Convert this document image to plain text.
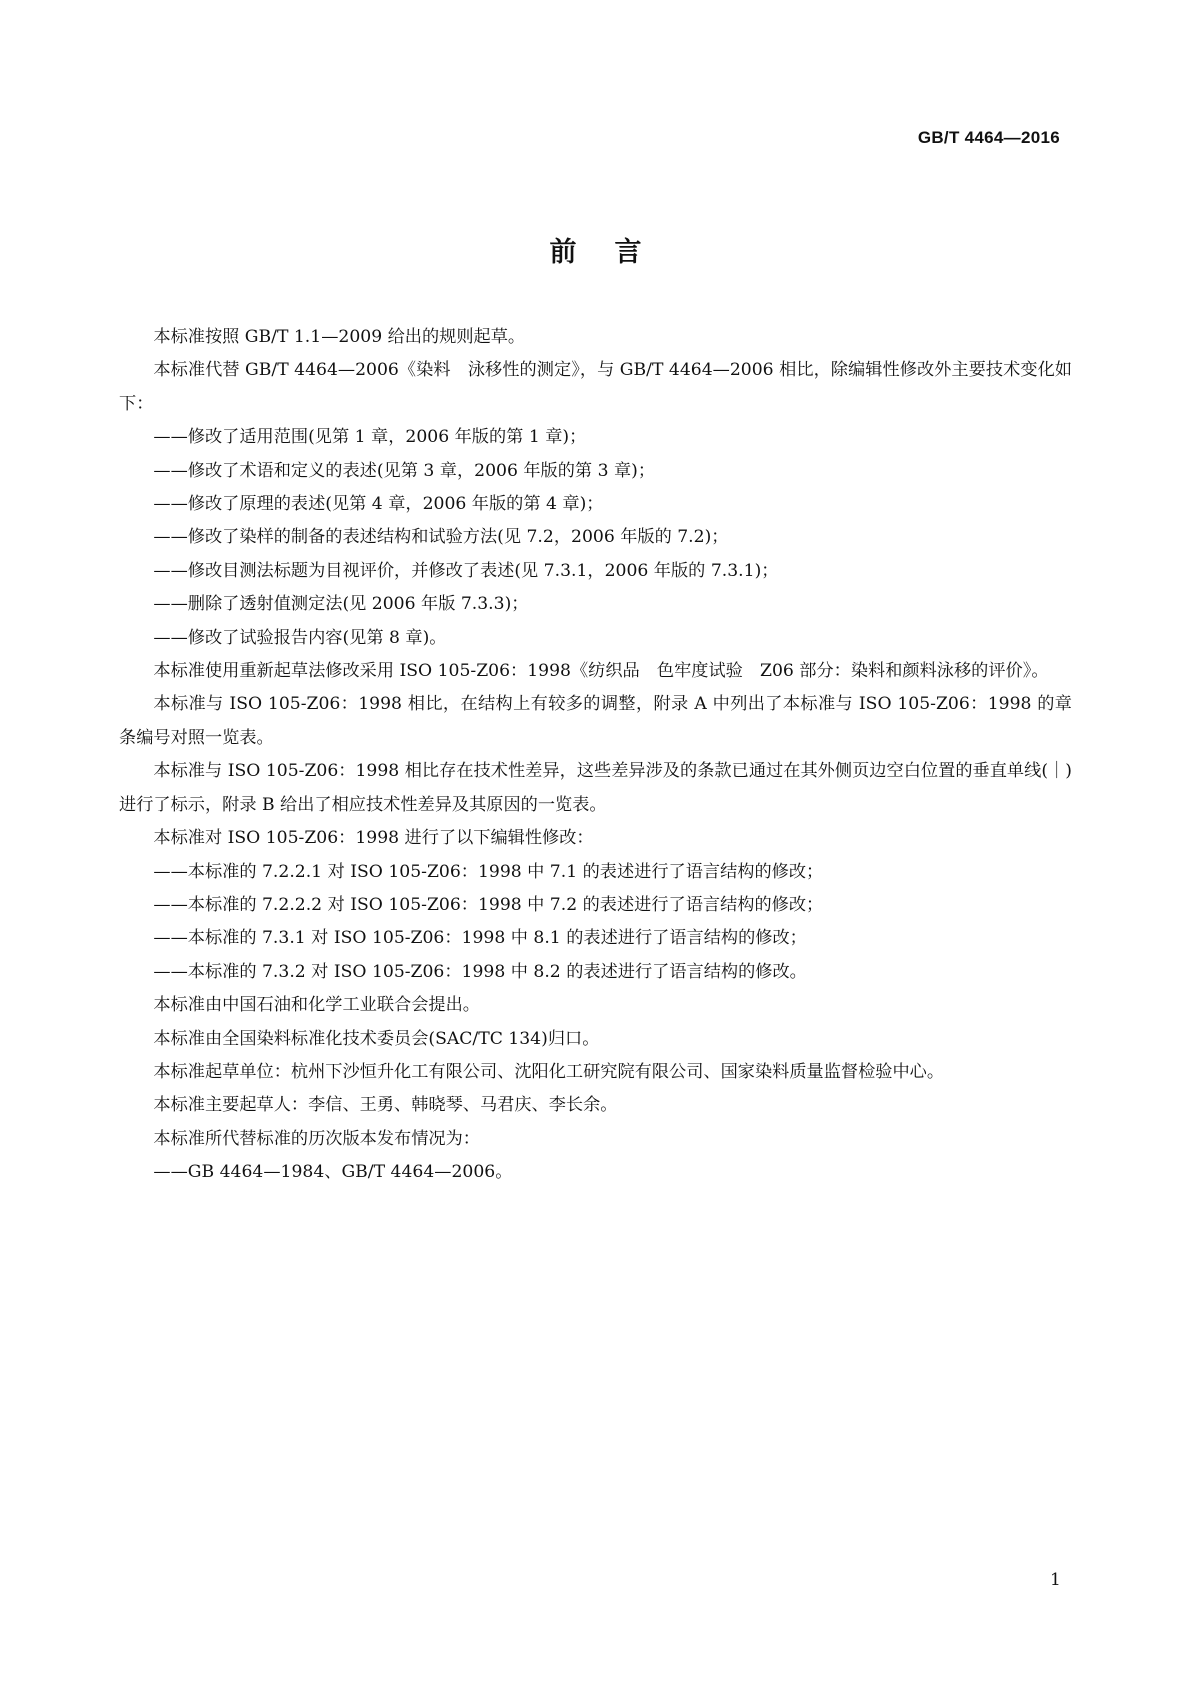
GB/T 4464—2016
前言

本标准按照 GB/T 1.1—2009 给出的规则起草。

本标准代替 GB/T 4464—2006《染料　泳移性的测定》，与 GB/T 4464—2006 相比，除编辑性修改外主要技术变化如下：

——修改了适用范围(见第 1 章，2006 年版的第 1 章)；

——修改了术语和定义的表述(见第 3 章，2006 年版的第 3 章)；

——修改了原理的表述(见第 4 章，2006 年版的第 4 章)；

——修改了染样的制备的表述结构和试验方法(见 7.2，2006 年版的 7.2)；

——修改目测法标题为目视评价，并修改了表述(见 7.3.1，2006 年版的 7.3.1)；

——删除了透射值测定法(见 2006 年版 7.3.3)；

——修改了试验报告内容(见第 8 章)。

本标准使用重新起草法修改采用 ISO 105-Z06：1998《纺织品　色牢度试验　Z06 部分：染料和颜料泳移的评价》。

本标准与 ISO 105-Z06：1998 相比，在结构上有较多的调整，附录 A 中列出了本标准与 ISO 105-Z06：1998 的章条编号对照一览表。

本标准与 ISO 105-Z06：1998 相比存在技术性差异，这些差异涉及的条款已通过在其外侧页边空白位置的垂直单线(｜)进行了标示，附录 B 给出了相应技术性差异及其原因的一览表。

本标准对 ISO 105-Z06：1998 进行了以下编辑性修改：

——本标准的 7.2.2.1 对 ISO 105-Z06：1998 中 7.1 的表述进行了语言结构的修改；

——本标准的 7.2.2.2 对 ISO 105-Z06：1998 中 7.2 的表述进行了语言结构的修改；

——本标准的 7.3.1 对 ISO 105-Z06：1998 中 8.1 的表述进行了语言结构的修改；

——本标准的 7.3.2 对 ISO 105-Z06：1998 中 8.2 的表述进行了语言结构的修改。

本标准由中国石油和化学工业联合会提出。

本标准由全国染料标准化技术委员会(SAC/TC 134)归口。

本标准起草单位：杭州下沙恒升化工有限公司、沈阳化工研究院有限公司、国家染料质量监督检验中心。

本标准主要起草人：李信、王勇、韩晓琴、马君庆、李长余。

本标准所代替标准的历次版本发布情况为：

——GB 4464—1984、GB/T 4464—2006。

1
